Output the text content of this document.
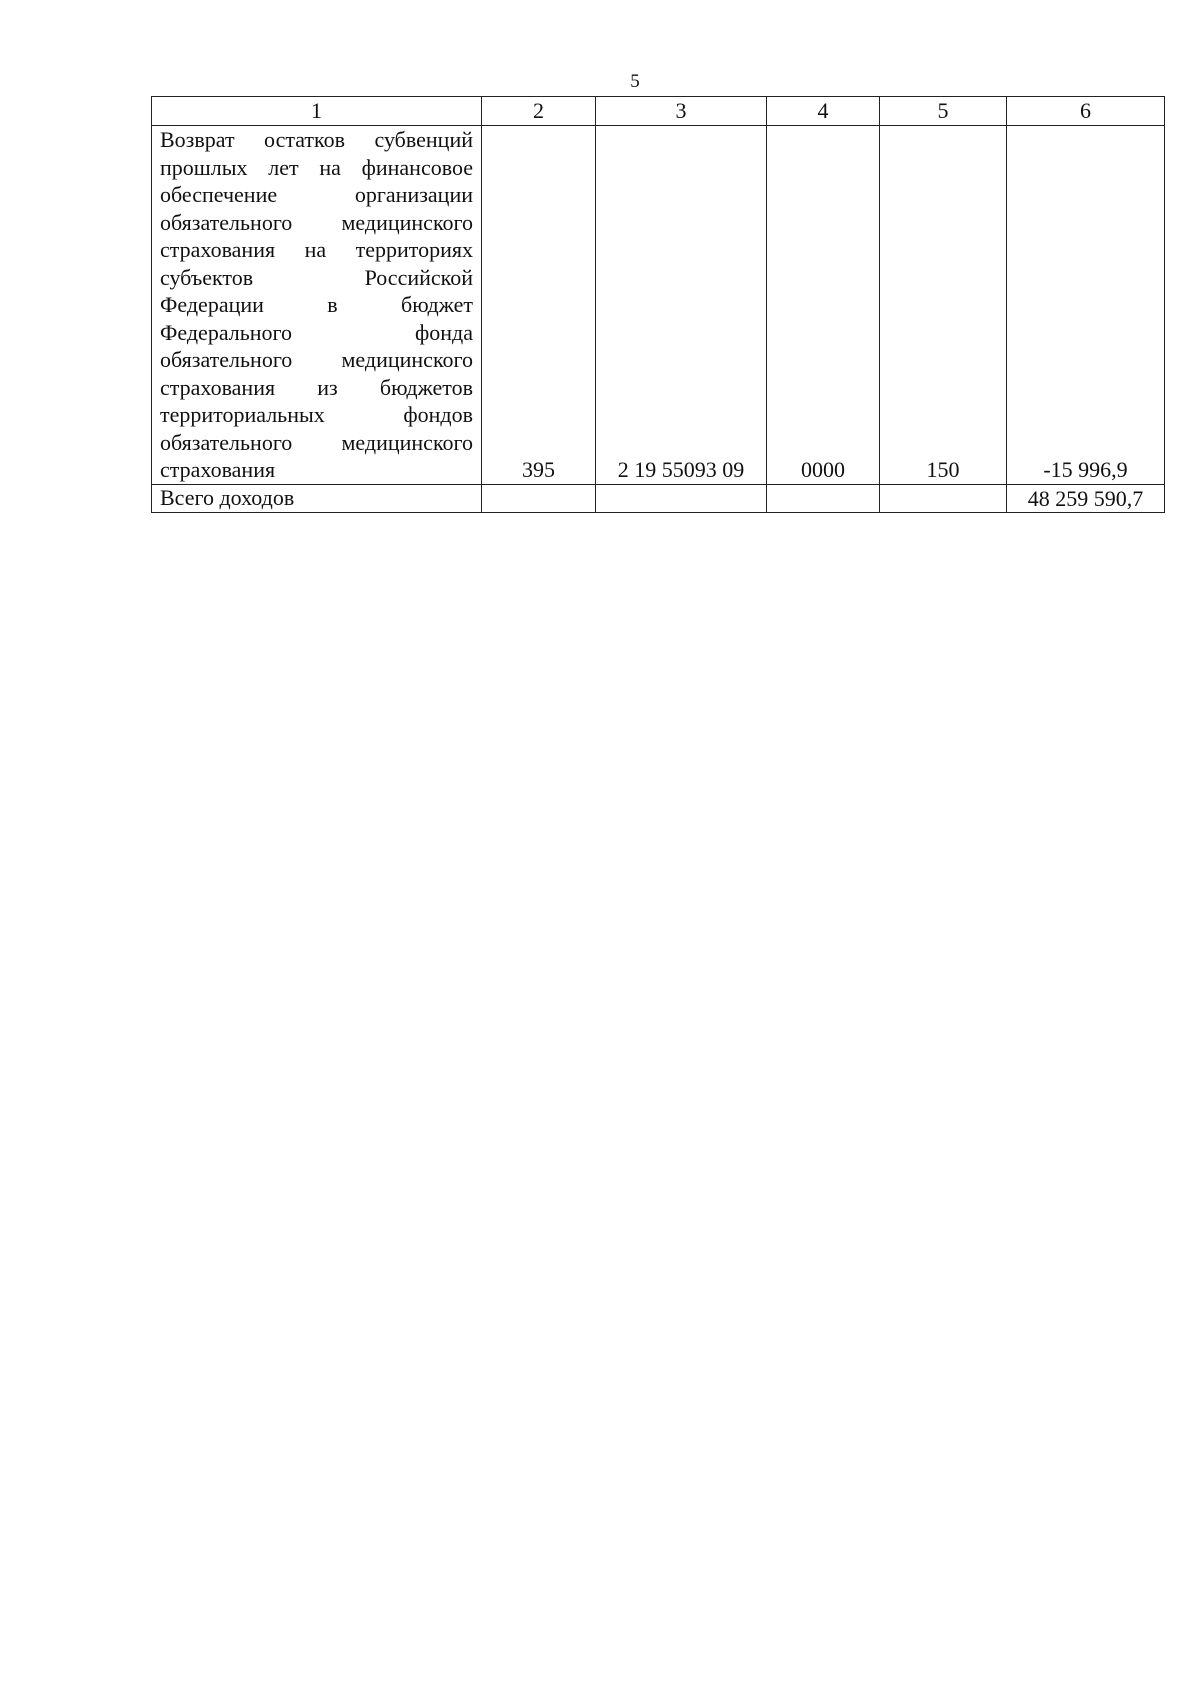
5
1	2	3	4	5	6
Возврат остатков субвенций прошлых лет на финансовое обеспечение организации обязательного медицинского страхования на территориях субъектов Российской Федерации в бюджет Федерального фонда обязательного медицинского страхования из бюджетов территориальных фондов обязательного медицинского страхования	395	2 19 55093 09	0000	150	-15 996,9
Всего доходов					48 259 590,7
